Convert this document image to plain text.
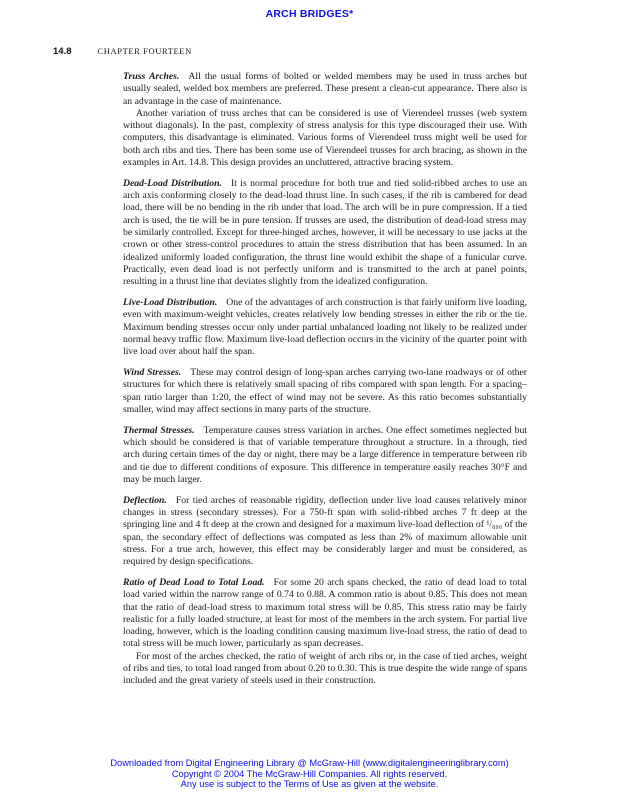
ARCH BRIDGES*
14.8	CHAPTER FOURTEEN

Truss Arches. All the usual forms of bolted or welded members may be used in truss arches but usually sealed, welded box members are preferred. These present a clean-cut appearance. There also is an advantage in the case of maintenance.

Another variation of truss arches that can be considered is use of Vierendeel trusses (web system without diagonals). In the past, complexity of stress analysis for this type discouraged their use. With computers, this disadvantage is eliminated. Various forms of Vierendeel truss might well be used for both arch ribs and ties. There has been some use of Vierendeel trusses for arch bracing, as shown in the examples in Art. 14.8. This design provides an uncluttered, attractive bracing system.

Dead-Load Distribution. It is normal procedure for both true and tied solid-ribbed arches to use an arch axis conforming closely to the dead-load thrust line. In such cases, if the rib is cambered for dead load, there will be no bending in the rib under that load. The arch will be in pure compression. If a tied arch is used, the tie will be in pure tension. If trusses are used, the distribution of dead-load stress may be similarly controlled. Except for three-hinged arches, however, it will be necessary to use jacks at the crown or other stress-control procedures to attain the stress distribution that has been assumed. In an idealized uniformly loaded configuration, the thrust line would exhibit the shape of a funicular curve. Practically, even dead load is not perfectly uniform and is transmitted to the arch at panel points, resulting in a thrust line that deviates slightly from the idealized configuration.

Live-Load Distribution. One of the advantages of arch construction is that fairly uniform live loading, even with maximum-weight vehicles, creates relatively low bending stresses in either the rib or the tie. Maximum bending stresses occur only under partial unbalanced loading not likely to be realized under normal heavy traffic flow. Maximum live-load deflection occurs in the vicinity of the quarter point with live load over about half the span.

Wind Stresses. These may control design of long-span arches carrying two-lane roadways or of other structures for which there is relatively small spacing of ribs compared with span length. For a spacing–span ratio larger than 1:20, the effect of wind may not be severe. As this ratio becomes substantially smaller, wind may affect sections in many parts of the structure.

Thermal Stresses. Temperature causes stress variation in arches. One effect sometimes neglected but which should be considered is that of variable temperature throughout a structure. In a through, tied arch during certain times of the day or night, there may be a large difference in temperature between rib and tie due to different conditions of exposure. This difference in temperature easily reaches 30°F and may be much larger.

Deflection. For tied arches of reasonable rigidity, deflection under live load causes relatively minor changes in stress (secondary stresses). For a 750-ft span with solid-ribbed arches 7 ft deep at the springing line and 4 ft deep at the crown and designed for a maximum live-load deflection of ¹/₈₀₀ of the span, the secondary effect of deflections was computed as less than 2% of maximum allowable unit stress. For a true arch, however, this effect may be considerably larger and must be considered, as required by design specifications.

Ratio of Dead Load to Total Load. For some 20 arch spans checked, the ratio of dead load to total load varied within the narrow range of 0.74 to 0.88. A common ratio is about 0.85. This does not mean that the ratio of dead-load stress to maximum total stress will be 0.85. This stress ratio may be fairly realistic for a fully loaded structure, at least for most of the members in the arch system. For partial live loading, however, which is the loading condition causing maximum live-load stress, the ratio of dead to total stress will be much lower, particularly as span decreases.

For most of the arches checked, the ratio of weight of arch ribs or, in the case of tied arches, weight of ribs and ties, to total load ranged from about 0.20 to 0.30. This is true despite the wide range of spans included and the great variety of steels used in their construction.

Downloaded from Digital Engineering Library @ McGraw-Hill (www.digitalengineeringlibrary.com)
Copyright © 2004 The McGraw-Hill Companies. All rights reserved.
Any use is subject to the Terms of Use as given at the website.
